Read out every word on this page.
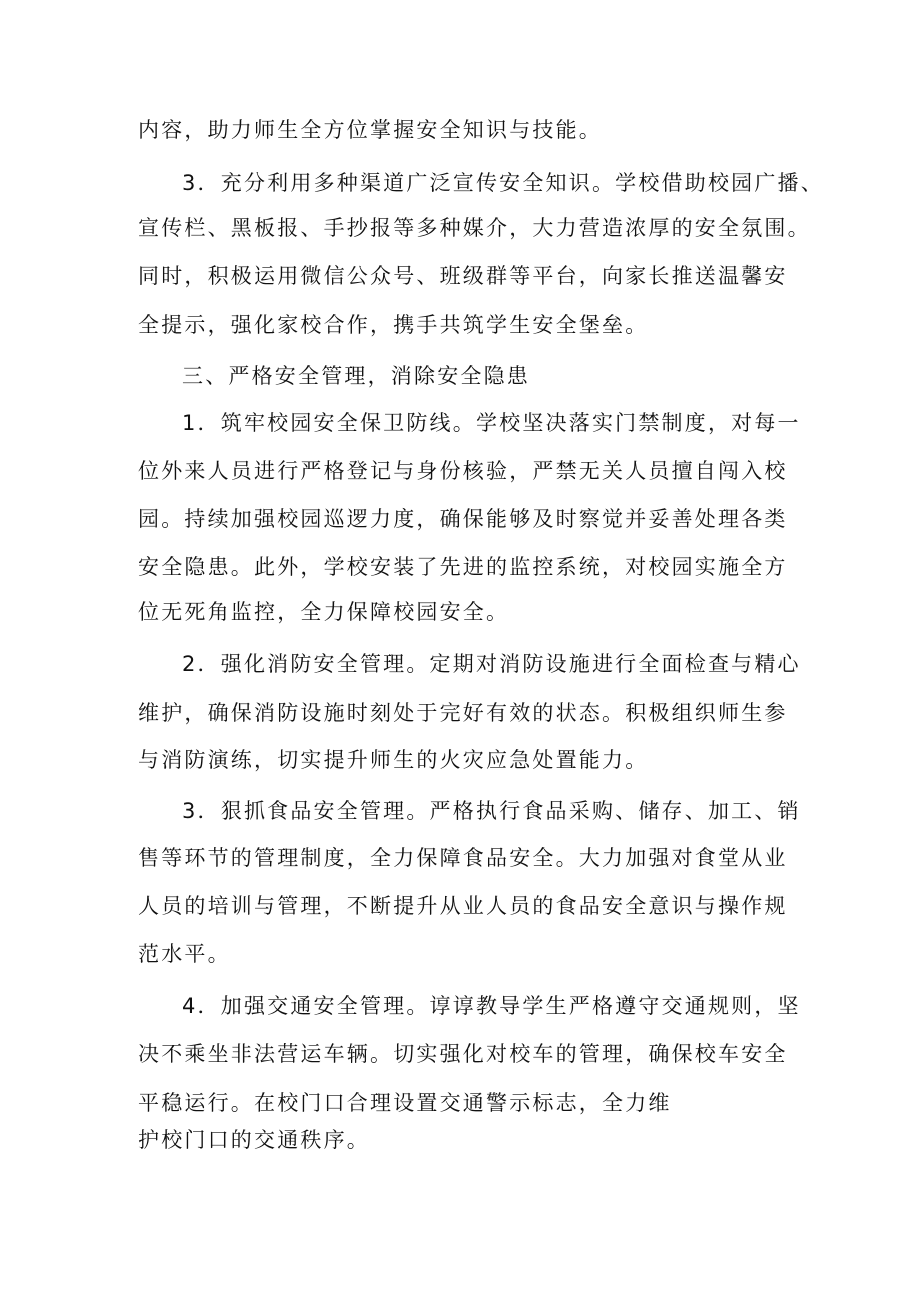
内容，助力师生全方位掌握安全知识与技能。
3．充分利用多种渠道广泛宣传安全知识。学校借助校园广播、
宣传栏、黑板报、手抄报等多种媒介，大力营造浓厚的安全氛围。
同时，积极运用微信公众号、班级群等平台，向家长推送温馨安
全提示，强化家校合作，携手共筑学生安全堡垒。
三、严格安全管理，消除安全隐患
1．筑牢校园安全保卫防线。学校坚决落实门禁制度，对每一
位外来人员进行严格登记与身份核验，严禁无关人员擅自闯入校
园。持续加强校园巡逻力度，确保能够及时察觉并妥善处理各类
安全隐患。此外，学校安装了先进的监控系统，对校园实施全方
位无死角监控，全力保障校园安全。
2．强化消防安全管理。定期对消防设施进行全面检查与精心
维护，确保消防设施时刻处于完好有效的状态。积极组织师生参
与消防演练，切实提升师生的火灾应急处置能力。
3．狠抓食品安全管理。严格执行食品采购、储存、加工、销
售等环节的管理制度，全力保障食品安全。大力加强对食堂从业
人员的培训与管理，不断提升从业人员的食品安全意识与操作规
范水平。
4．加强交通安全管理。谆谆教导学生严格遵守交通规则，坚
决不乘坐非法营运车辆。切实强化对校车的管理，确保校车安全
平稳运行。在校门口合理设置交通警示标志，全力维
护校门口的交通秩序。
